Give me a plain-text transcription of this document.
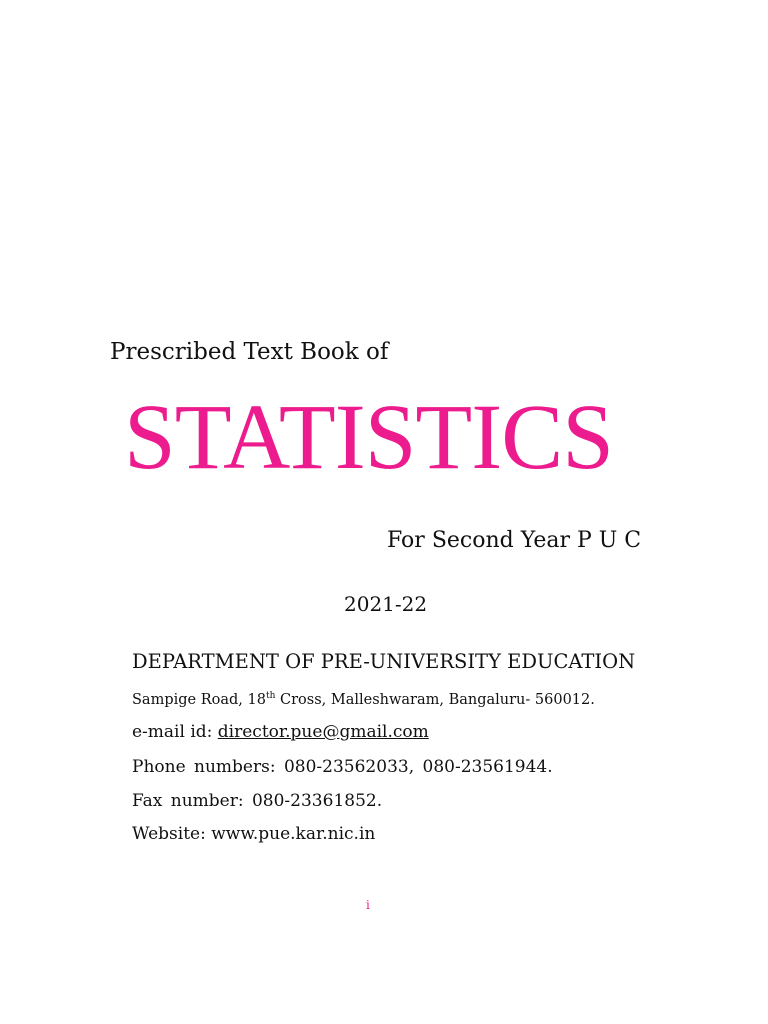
Prescribed Text Book of
STATISTICS
For Second Year P U C
2021-22
DEPARTMENT OF PRE-UNIVERSITY EDUCATION
Sampige Road, 18th Cross, Malleshwaram, Bangaluru- 560012.
e-mail id: director.pue@gmail.com
Phone numbers: 080-23562033, 080-23561944.
Fax number: 080-23361852.
Website: www.pue.kar.nic.in
i
